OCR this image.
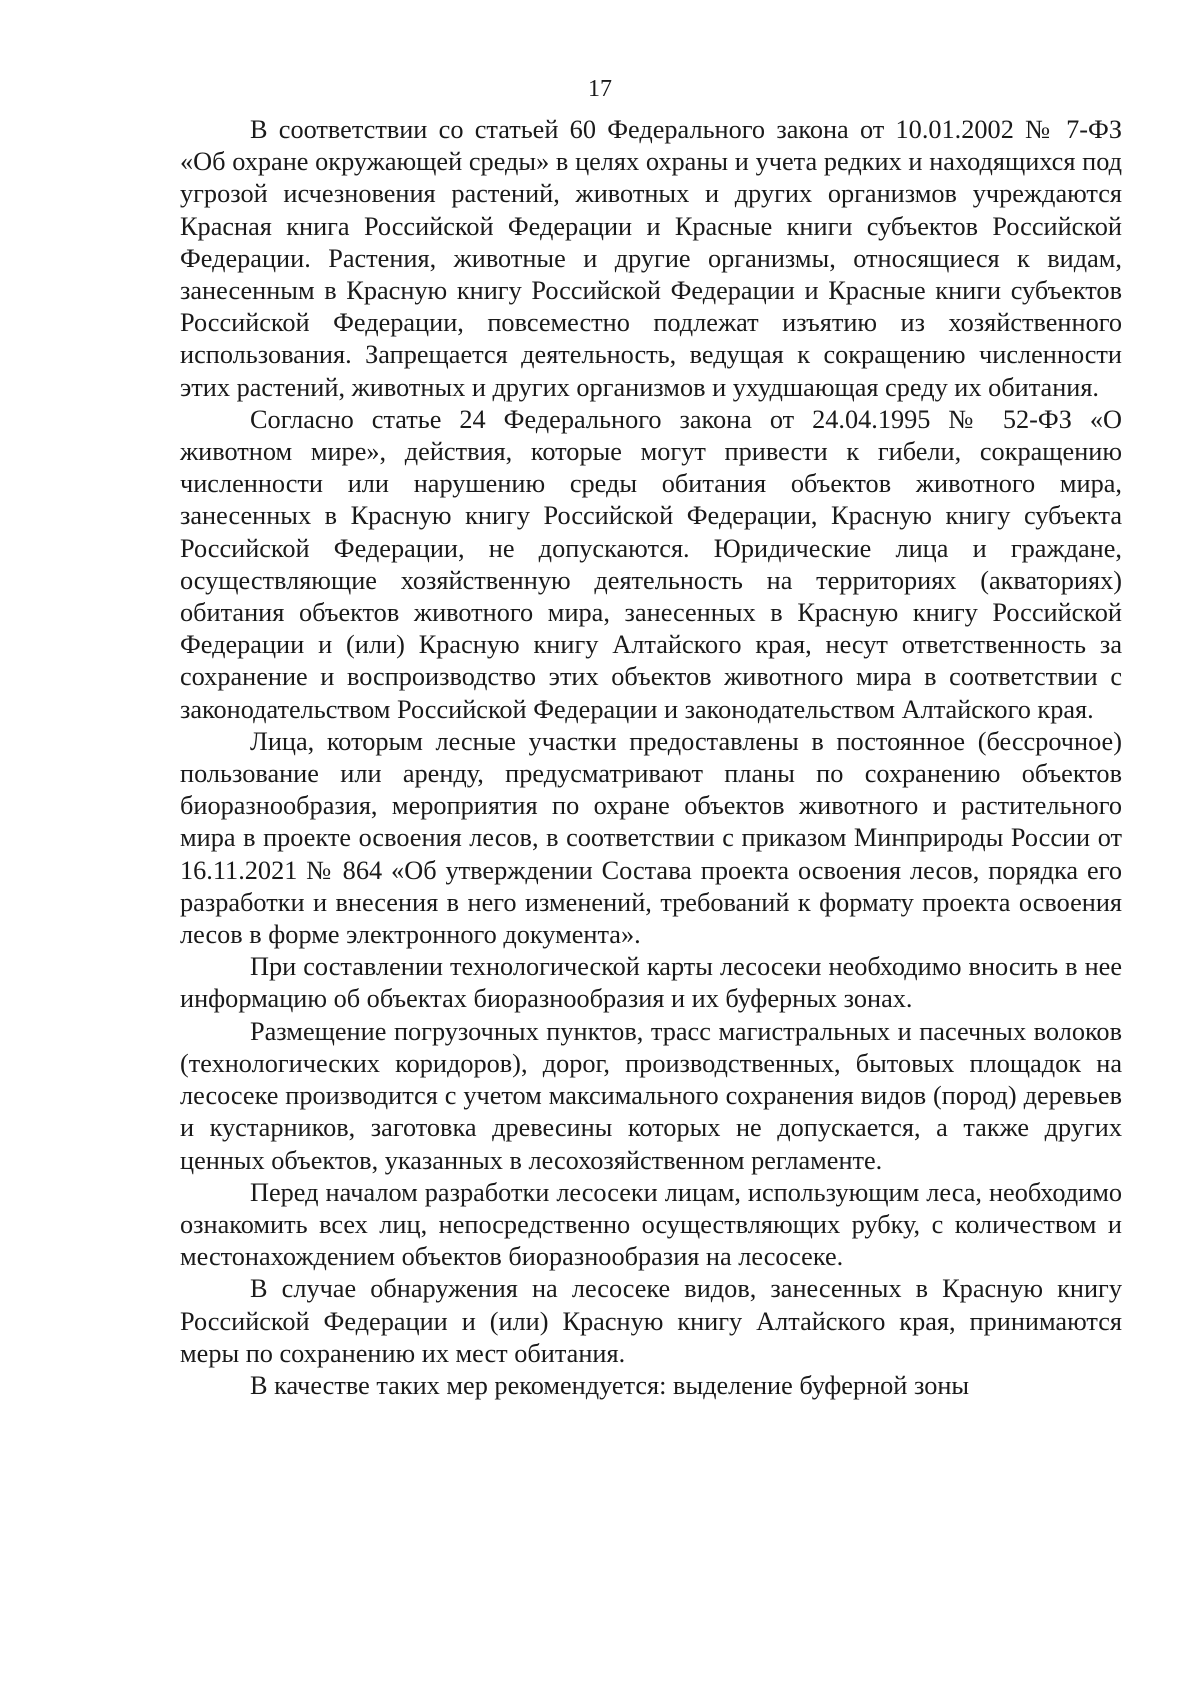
17

В соответствии со статьей 60 Федерального закона от 10.01.2002 № 7-ФЗ «Об охране окружающей среды» в целях охраны и учета редких и находящихся под угрозой исчезновения растений, животных и других организмов учреждаются Красная книга Российской Федерации и Красные книги субъектов Российской Федерации. Растения, животные и другие организмы, относящиеся к видам, занесенным в Красную книгу Российской Федерации и Красные книги субъектов Российской Федерации, повсеместно подлежат изъятию из хозяйственного использования. Запрещается деятельность, ведущая к сокращению численности этих растений, животных и других организмов и ухудшающая среду их обитания.

Согласно статье 24 Федерального закона от 24.04.1995 № 52-ФЗ «О животном мире», действия, которые могут привести к гибели, сокращению численности или нарушению среды обитания объектов животного мира, занесенных в Красную книгу Российской Федерации, Красную книгу субъекта Российской Федерации, не допускаются. Юридические лица и граждане, осуществляющие хозяйственную деятельность на территориях (акваториях) обитания объектов животного мира, занесенных в Красную книгу Российской Федерации и (или) Красную книгу Алтайского края, несут ответственность за сохранение и воспроизводство этих объектов животного мира в соответствии с законодательством Российской Федерации и законодательством Алтайского края.

Лица, которым лесные участки предоставлены в постоянное (бессрочное) пользование или аренду, предусматривают планы по сохранению объектов биоразнообразия, мероприятия по охране объектов животного и растительного мира в проекте освоения лесов, в соответствии с приказом Минприроды России от 16.11.2021 № 864 «Об утверждении Состава проекта освоения лесов, порядка его разработки и внесения в него изменений, требований к формату проекта освоения лесов в форме электронного документа».

При составлении технологической карты лесосеки необходимо вносить в нее информацию об объектах биоразнообразия и их буферных зонах.

Размещение погрузочных пунктов, трасс магистральных и пасечных волоков (технологических коридоров), дорог, производственных, бытовых площадок на лесосеке производится с учетом максимального сохранения видов (пород) деревьев и кустарников, заготовка древесины которых не допускается, а также других ценных объектов, указанных в лесохозяйственном регламенте.

Перед началом разработки лесосеки лицам, использующим леса, необходимо ознакомить всех лиц, непосредственно осуществляющих рубку, с количеством и местонахождением объектов биоразнообразия на лесосеке.

В случае обнаружения на лесосеке видов, занесенных в Красную книгу Российской Федерации и (или) Красную книгу Алтайского края, принимаются меры по сохранению их мест обитания.

В качестве таких мер рекомендуется: выделение буферной зоны
